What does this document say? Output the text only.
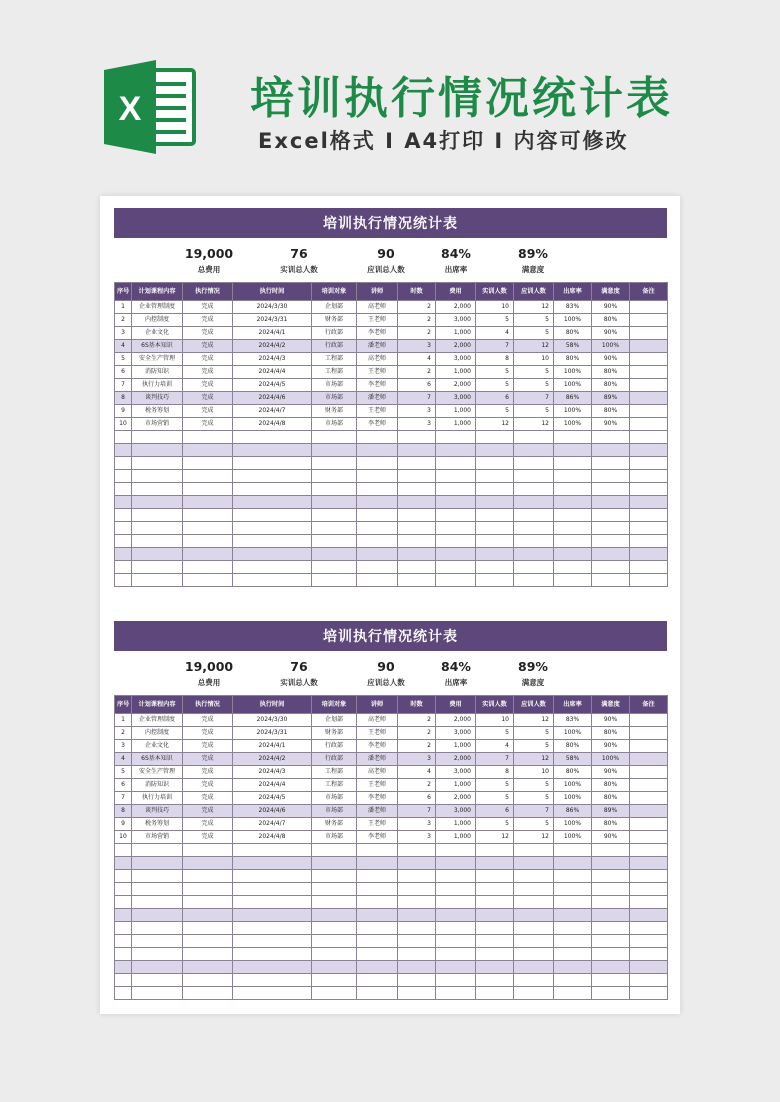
X 培训执行情况统计表
Excel格式 I A4打印 I 内容可修改
培训执行情况统计表
19,000
总费用
76
实训总人数
90
应训总人数
84%
出席率
89%
满意度
序号	计划课程内容	执行情况	执行时间	培训对象	讲师	时数	费用	实训人数	应训人数	出席率	满意度	备注
1	企业管理制度	完成	2024/3/30	企划部	高老师	2	2,000	10	12	83%	90%	
2	内控制度	完成	2024/3/31	财务部	王老师	2	3,000	5	5	100%	80%	
3	企业文化	完成	2024/4/1	行政部	李老师	2	1,000	4	5	80%	90%	
4	6S基本知识	完成	2024/4/2	行政部	潘老师	3	2,000	7	12	58%	100%	
5	安全生产管理	完成	2024/4/3	工程部	高老师	4	3,000	8	10	80%	90%	
6	消防知识	完成	2024/4/4	工程部	王老师	2	1,000	5	5	100%	80%	
7	执行力培训	完成	2024/4/5	市场部	李老师	6	2,000	5	5	100%	80%	
8	谈判技巧	完成	2024/4/6	市场部	潘老师	7	3,000	6	7	86%	89%	
9	税务筹划	完成	2024/4/7	财务部	王老师	3	1,000	5	5	100%	80%	
10	市场营销	完成	2024/4/8	市场部	李老师	3	1,000	12	12	100%	90%	

培训执行情况统计表
19,000
总费用
76
实训总人数
90
应训总人数
84%
出席率
89%
满意度
序号	计划课程内容	执行情况	执行时间	培训对象	讲师	时数	费用	实训人数	应训人数	出席率	满意度	备注
1	企业管理制度	完成	2024/3/30	企划部	高老师	2	2,000	10	12	83%	90%	
2	内控制度	完成	2024/3/31	财务部	王老师	2	3,000	5	5	100%	80%	
3	企业文化	完成	2024/4/1	行政部	李老师	2	1,000	4	5	80%	90%	
4	6S基本知识	完成	2024/4/2	行政部	潘老师	3	2,000	7	12	58%	100%	
5	安全生产管理	完成	2024/4/3	工程部	高老师	4	3,000	8	10	80%	90%	
6	消防知识	完成	2024/4/4	工程部	王老师	2	1,000	5	5	100%	80%	
7	执行力培训	完成	2024/4/5	市场部	李老师	6	2,000	5	5	100%	80%	
8	谈判技巧	完成	2024/4/6	市场部	潘老师	7	3,000	6	7	86%	89%	
9	税务筹划	完成	2024/4/7	财务部	王老师	3	1,000	5	5	100%	80%	
10	市场营销	完成	2024/4/8	市场部	李老师	3	1,000	12	12	100%	90%	
